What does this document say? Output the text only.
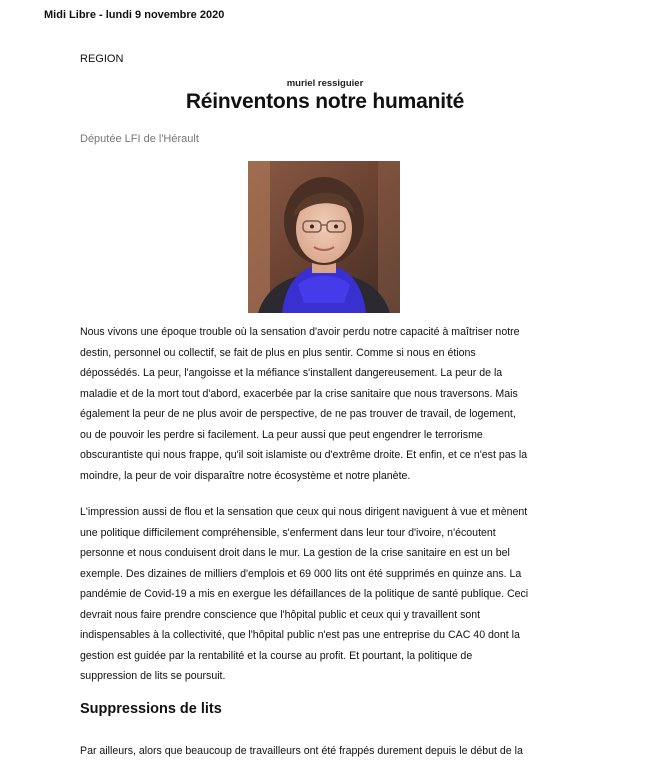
Midi Libre - lundi 9 novembre 2020
REGION
muriel ressiguier
Réinventons notre humanité
Députée LFI de l'Hérault
Nous vivons une époque trouble où la sensation d'avoir perdu notre capacité à maîtriser notre
destin, personnel ou collectif, se fait de plus en plus sentir. Comme si nous en étions
dépossédés. La peur, l'angoisse et la méfiance s'installent dangereusement. La peur de la
maladie et de la mort tout d'abord, exacerbée par la crise sanitaire que nous traversons. Mais
également la peur de ne plus avoir de perspective, de ne pas trouver de travail, de logement,
ou de pouvoir les perdre si facilement. La peur aussi que peut engendrer le terrorisme
obscurantiste qui nous frappe, qu'il soit islamiste ou d'extrême droite. Et enfin, et ce n'est pas la
moindre, la peur de voir disparaître notre écosystème et notre planète.
L'impression aussi de flou et la sensation que ceux qui nous dirigent naviguent à vue et mènent
une politique difficilement compréhensible, s'enferment dans leur tour d'ivoire, n'écoutent
personne et nous conduisent droit dans le mur. La gestion de la crise sanitaire en est un bel
exemple. Des dizaines de milliers d'emplois et 69 000 lits ont été supprimés en quinze ans. La
pandémie de Covid-19 a mis en exergue les défaillances de la politique de santé publique. Ceci
devrait nous faire prendre conscience que l'hôpital public et ceux qui y travaillent sont
indispensables à la collectivité, que l'hôpital public n'est pas une entreprise du CAC 40 dont la
gestion est guidée par la rentabilité et la course au profit. Et pourtant, la politique de
suppression de lits se poursuit.
Suppressions de lits
Par ailleurs, alors que beaucoup de travailleurs ont été frappés durement depuis le début de la
